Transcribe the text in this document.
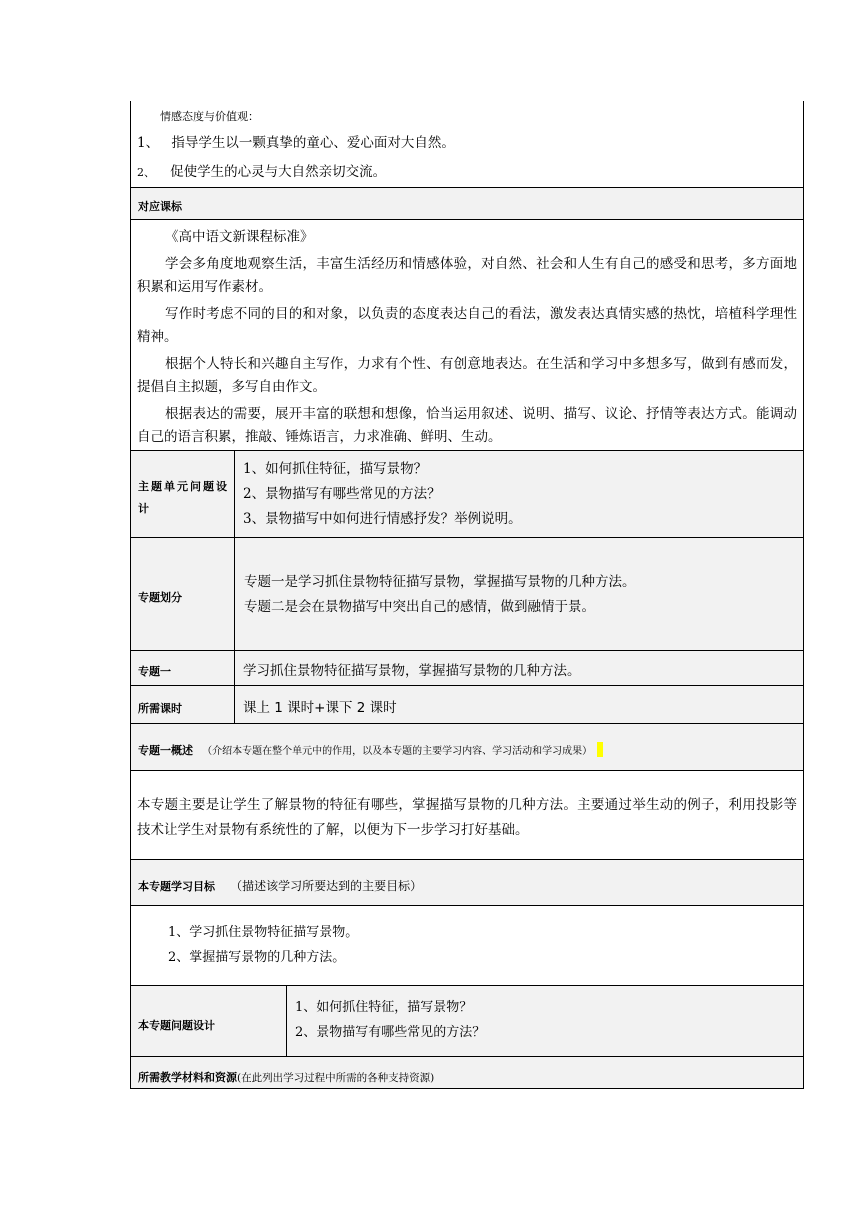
情感态度与价值观：
1、 指导学生以一颗真挚的童心、爱心面对大自然。
2、 促使学生的心灵与大自然亲切交流。
对应课标

《高中语文新课程标准》

学会多角度地观察生活，丰富生活经历和情感体验，对自然、社会和人生有自己的感受和思考，多方面地积累和运用写作素材。

写作时考虑不同的目的和对象，以负责的态度表达自己的看法，激发表达真情实感的热忱，培植科学理性精神。

根据个人特长和兴趣自主写作，力求有个性、有创意地表达。在生活和学习中多想多写，做到有感而发，提倡自主拟题，多写自由作文。

根据表达的需要，展开丰富的联想和想像，恰当运用叙述、说明、描写、议论、抒情等表达方式。能调动自己的语言积累，推敲、锤炼语言，力求准确、鲜明、生动。

主题单元问题设计
1、如何抓住特征，描写景物？
2、景物描写有哪些常见的方法？
3、景物描写中如何进行情感抒发？举例说明。
专题划分
专题一是学习抓住景物特征描写景物，掌握描写景物的几种方法。
专题二是会在景物描写中突出自己的感情，做到融情于景。
专题一	学习抓住景物特征描写景物，掌握描写景物的几种方法。
所需课时	课上 1 课时+课下 2 课时
专题一概述 （介绍本专题在整个单元中的作用，以及本专题的主要学习内容、学习活动和学习成果）
本专题主要是让学生了解景物的特征有哪些，掌握描写景物的几种方法。主要通过举生动的例子，利用投影等技术让学生对景物有系统性的了解，以便为下一步学习打好基础。
本专题学习目标 （描述该学习所要达到的主要目标）
1、学习抓住景物特征描写景物。
2、掌握描写景物的几种方法。
本专题问题设计
1、如何抓住特征，描写景物？
2、景物描写有哪些常见的方法？
所需教学材料和资源(在此列出学习过程中所需的各种支持资源)
